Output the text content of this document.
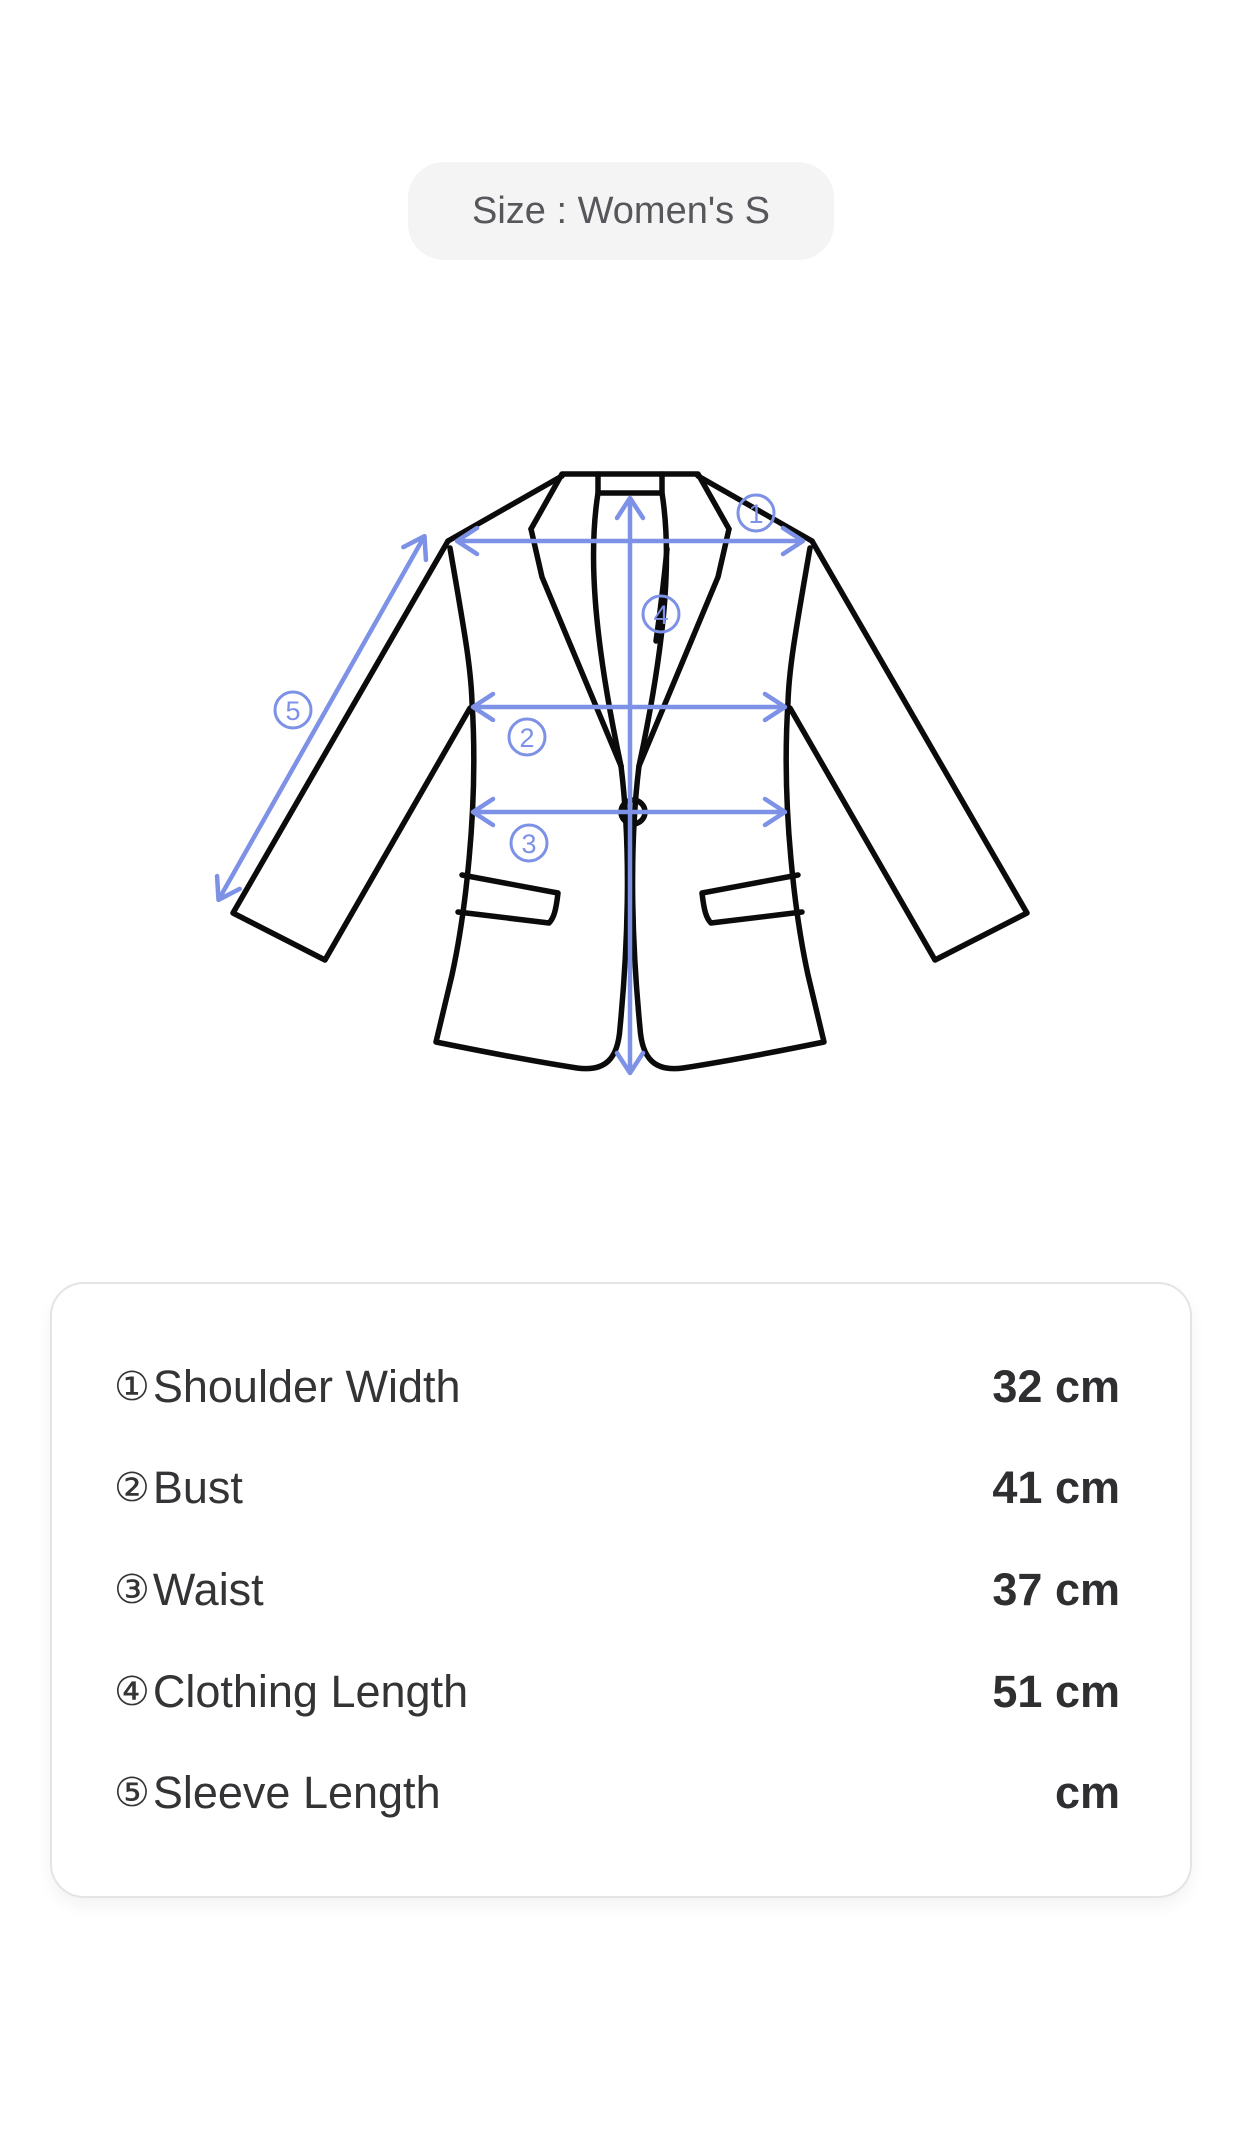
Size : Women's S
1
2
3
4
5
① Shoulder Width	32 cm
② Bust	41 cm
③ Waist	37 cm
④ Clothing Length	51 cm
⑤ Sleeve Length	cm
